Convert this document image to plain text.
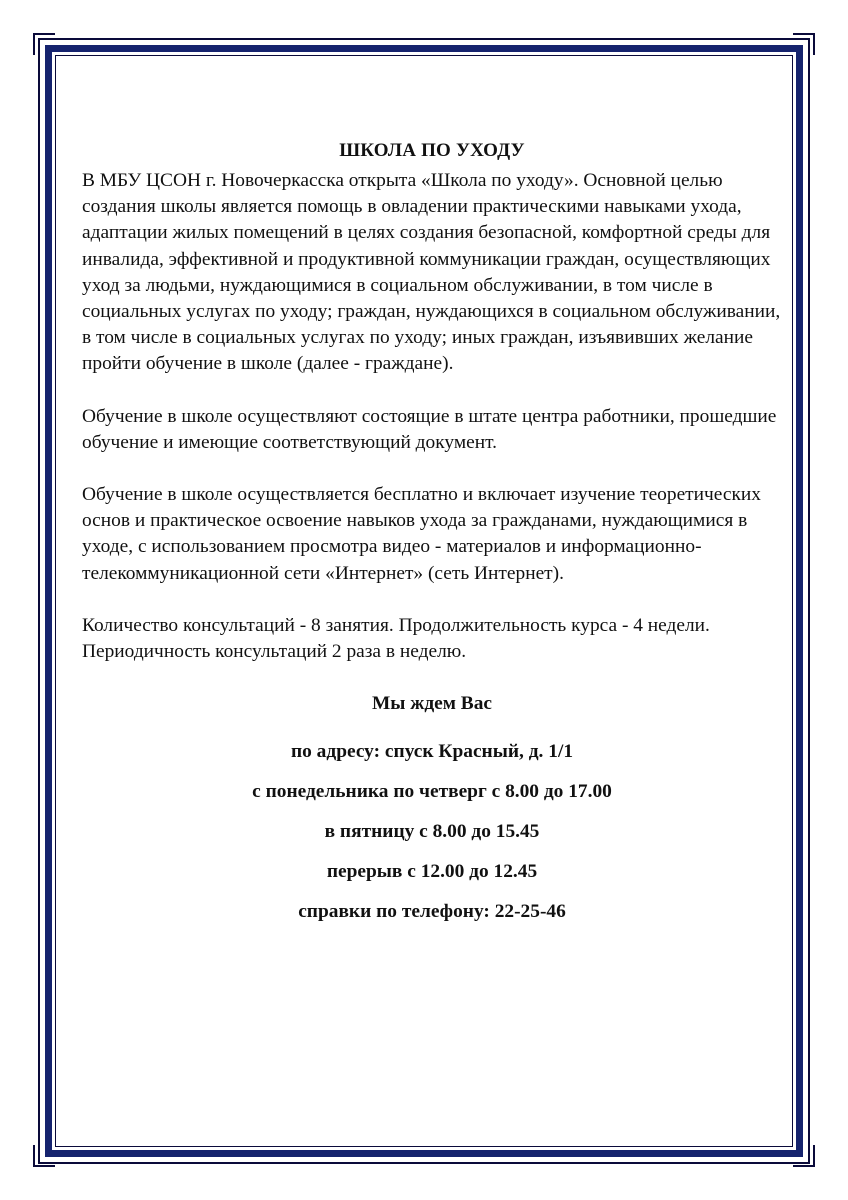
ШКОЛА ПО УХОДУ

В МБУ ЦСОН г. Новочеркасска открыта «Школа по уходу». Основной целью создания школы является помощь в овладении практическими навыками ухода, адаптации жилых помещений в целях создания безопасной, комфортной среды для инвалида, эффективной и продуктивной коммуникации граждан, осуществляющих уход за людьми, нуждающимися в социальном обслуживании, в том числе в социальных услугах по уходу; граждан, нуждающихся в социальном обслуживании, в том числе в социальных услугах по уходу; иных граждан, изъявивших желание пройти обучение в школе (далее - граждане).

Обучение в школе осуществляют состоящие в штате центра работники, прошедшие обучение и имеющие соответствующий документ.

Обучение в школе осуществляется бесплатно и включает изучение теоретических основ и практическое освоение навыков ухода за гражданами, нуждающимися в уходе, с использованием просмотра видео - материалов и информационно-телекоммуникационной сети «Интернет» (сеть Интернет).

Количество консультаций - 8 занятия. Продолжительность курса - 4 недели. Периодичность консультаций 2 раза в неделю.

Мы ждем Вас

по адресу: спуск Красный, д. 1/1

с понедельника по четверг с 8.00 до 17.00

в пятницу с 8.00 до 15.45

перерыв с 12.00 до 12.45

справки по телефону: 22-25-46
